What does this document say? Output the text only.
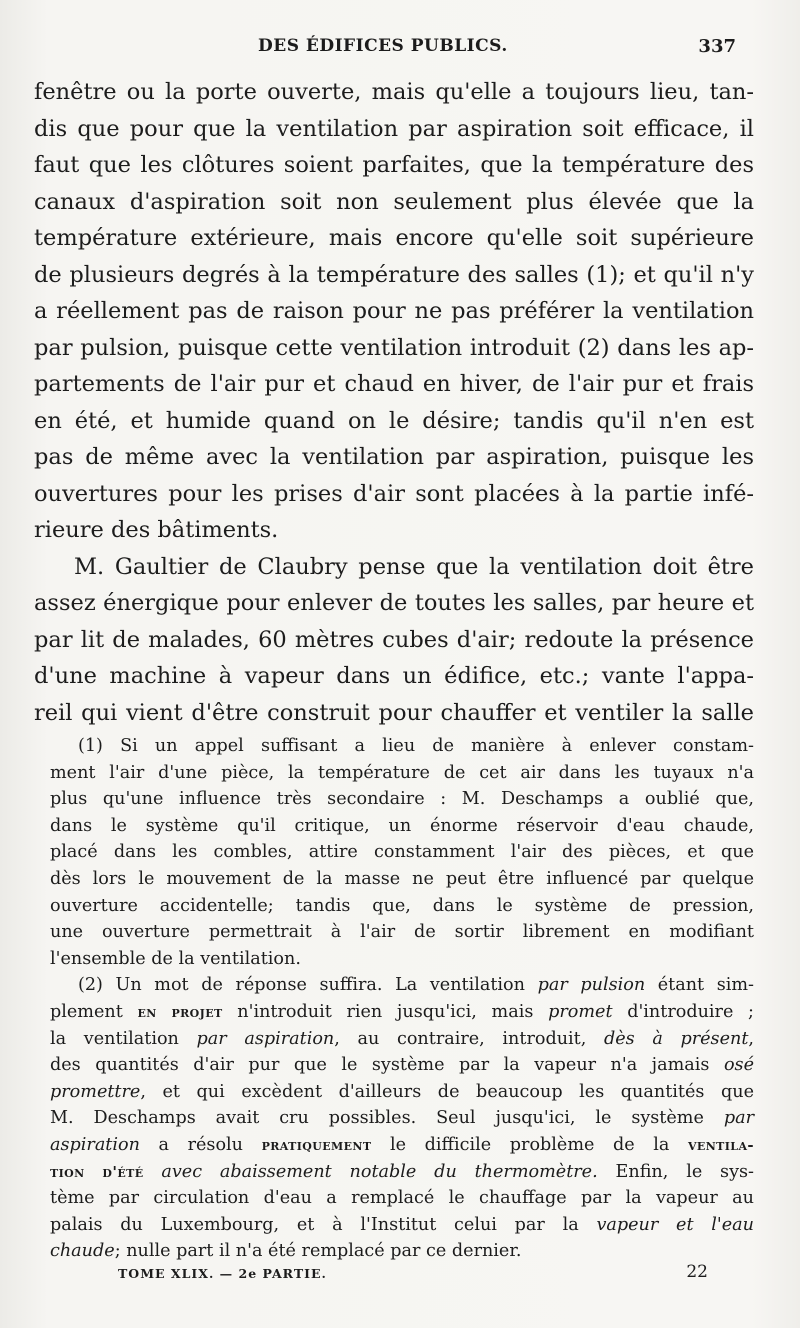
DES ÉDIFICES PUBLICS.	337

fenêtre ou la porte ouverte, mais qu'elle a toujours lieu, tan-

dis que pour que la ventilation par aspiration soit efficace, il

faut que les clôtures soient parfaites, que la température des

canaux d'aspiration soit non seulement plus élevée que la

température extérieure, mais encore qu'elle soit supérieure

de plusieurs degrés à la température des salles (1); et qu'il n'y

a réellement pas de raison pour ne pas préférer la ventilation

par pulsion, puisque cette ventilation introduit (2) dans les ap-

partements de l'air pur et chaud en hiver, de l'air pur et frais

en été, et humide quand on le désire; tandis qu'il n'en est

pas de même avec la ventilation par aspiration, puisque les

ouvertures pour les prises d'air sont placées à la partie infé-

rieure des bâtiments.

M. Gaultier de Claubry pense que la ventilation doit être

assez énergique pour enlever de toutes les salles, par heure et

par lit de malades, 60 mètres cubes d'air; redoute la présence

d'une machine à vapeur dans un édifice, etc.; vante l'appa-

reil qui vient d'être construit pour chauffer et ventiler la salle

(1) Si un appel suffisant a lieu de manière à enlever constam-

ment l'air d'une pièce, la température de cet air dans les tuyaux n'a

plus qu'une influence très secondaire : M. Deschamps a oublié que,

dans le système qu'il critique, un énorme réservoir d'eau chaude,

placé dans les combles, attire constamment l'air des pièces, et que

dès lors le mouvement de la masse ne peut être influencé par quelque

ouverture accidentelle; tandis que, dans le système de pression,

une ouverture permettrait à l'air de sortir librement en modifiant

l'ensemble de la ventilation.

(2) Un mot de réponse suffira. La ventilation par pulsion étant sim-

plement en projet n'introduit rien jusqu'ici, mais promet d'introduire ;

la ventilation par aspiration, au contraire, introduit, dès à présent,

des quantités d'air pur que le système par la vapeur n'a jamais osé

promettre, et qui excèdent d'ailleurs de beaucoup les quantités que

M. Deschamps avait cru possibles. Seul jusqu'ici, le système par

aspiration a résolu pratiquement le difficile problème de la ventila-

tion d'été avec abaissement notable du thermomètre. Enfin, le sys-

tème par circulation d'eau a remplacé le chauffage par la vapeur au

palais du Luxembourg, et à l'Institut celui par la vapeur et l'eau

chaude; nulle part il n'a été remplacé par ce dernier.

TOME XLIX. — 2e PARTIE.	22
